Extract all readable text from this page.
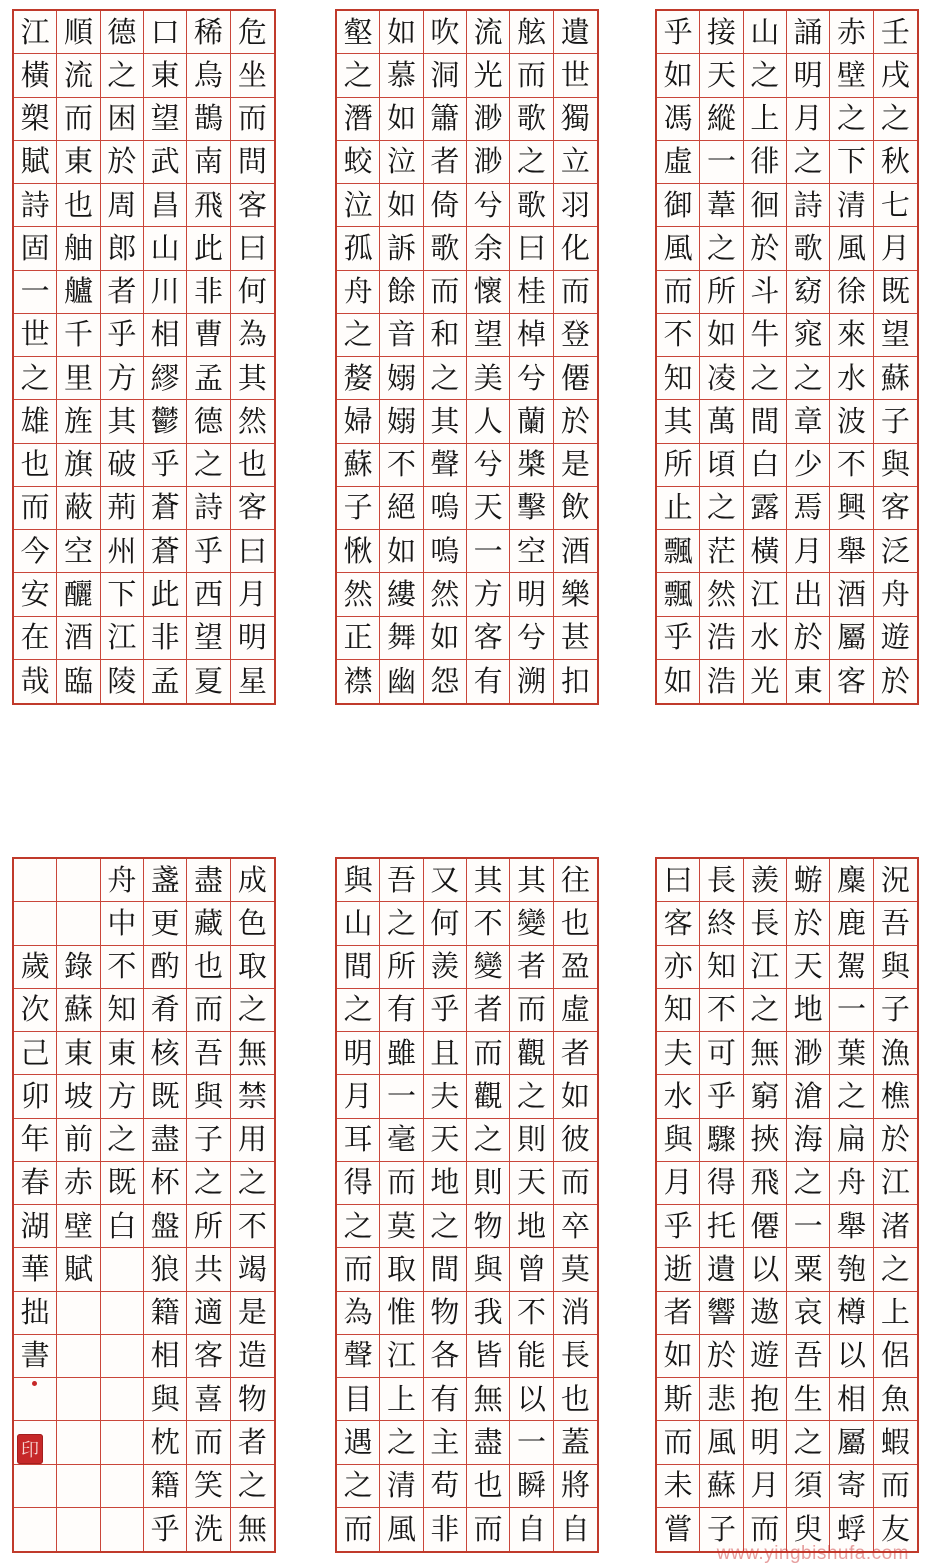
乎 接 山 誦 赤 壬
如 天 之 明 壁 戌
馮 縱 上 月 之 之
虛 一 徘 之 下 秋
御 葦 徊 詩 清 七
風 之 於 歌 風 月
而 所 斗 窈 徐 既
不 如 牛 窕 來 望
知 凌 之 之 水 蘇
其 萬 間 章 波 子
所 頃 白 少 不 與
止 之 露 焉 興 客
飄 茫 橫 月 舉 泛
飄 然 江 出 酒 舟
乎 浩 水 於 屬 遊
如 浩 光 東 客 於
壑 如 吹 流 舷 遺
之 慕 洞 光 而 世
潛 如 簫 渺 歌 獨
蛟 泣 者 渺 之 立
泣 如 倚 兮 歌 羽
孤 訴 歌 余 曰 化
舟 餘 而 懷 桂 而
之 音 和 望 棹 登
嫠 嫋 之 美 兮 僊
婦 嫋 其 人 蘭 於
蘇 不 聲 兮 槳 是
子 絕 嗚 天 擊 飲
愀 如 嗚 一 空 酒
然 縷 然 方 明 樂
正 舞 如 客 兮 甚
襟 幽 怨 有 溯 扣
江 順 德 口 稀 危
橫 流 之 東 烏 坐
槊 而 困 望 鵲 而
賦 東 於 武 南 問
詩 也 周 昌 飛 客
固 舳 郎 山 此 曰
一 艫 者 川 非 何
世 千 乎 相 曹 為
之 里 方 繆 孟 其
雄 旌 其 鬱 德 然
也 旗 破 乎 之 也
而 蔽 荊 蒼 詩 客
今 空 州 蒼 乎 曰
安 釃 下 此 西 月
在 酒 江 非 望 明
哉 臨 陵 孟 夏 星
曰 長 羨 蝣 麋 況
客 終 長 於 鹿 吾
亦 知 江 天 駕 與
知 不 之 地 一 子
夫 可 無 渺 葉 漁
水 乎 窮 滄 之 樵
與 驟 挾 海 扁 於
月 得 飛 之 舟 江
乎 托 僊 一 舉 渚
逝 遺 以 粟 匏 之
者 響 遨 哀 樽 上
如 於 遊 吾 以 侶
斯 悲 抱 生 相 魚
而 風 明 之 屬 蝦
未 蘇 月 須 寄 而
嘗 子 而 臾 蜉 友
與 吾 又 其 其 往
山 之 何 不 變 也
間 所 羨 變 者 盈
之 有 乎 者 而 虛
明 雖 且 而 觀 者
月 一 夫 觀 之 如
耳 毫 天 之 則 彼
得 而 地 則 天 而
之 莫 之 物 地 卒
而 取 間 與 曾 莫
為 惟 物 我 不 消
聲 江 各 皆 能 長
目 上 有 無 以 也
遇 之 主 盡 一 蓋
之 清 苟 也 瞬 將
而 風 非 而 自 自
舟 盞 盡 成
中 更 藏 色
歲 錄 不 酌 也 取
次 蘇 知 肴 而 之
己 東 東 核 吾 無
卯 坡 方 既 與 禁
年 前 之 盡 子 用
春 赤 既 杯 之 之
湖 壁 白 盤 所 不
華 賦 狼 共 竭
拙	籍 適 是
書	相 客 造
與 喜 物
枕 而 者
籍 笑 之
乎 洗 無
印
www.yingbishufa.com
